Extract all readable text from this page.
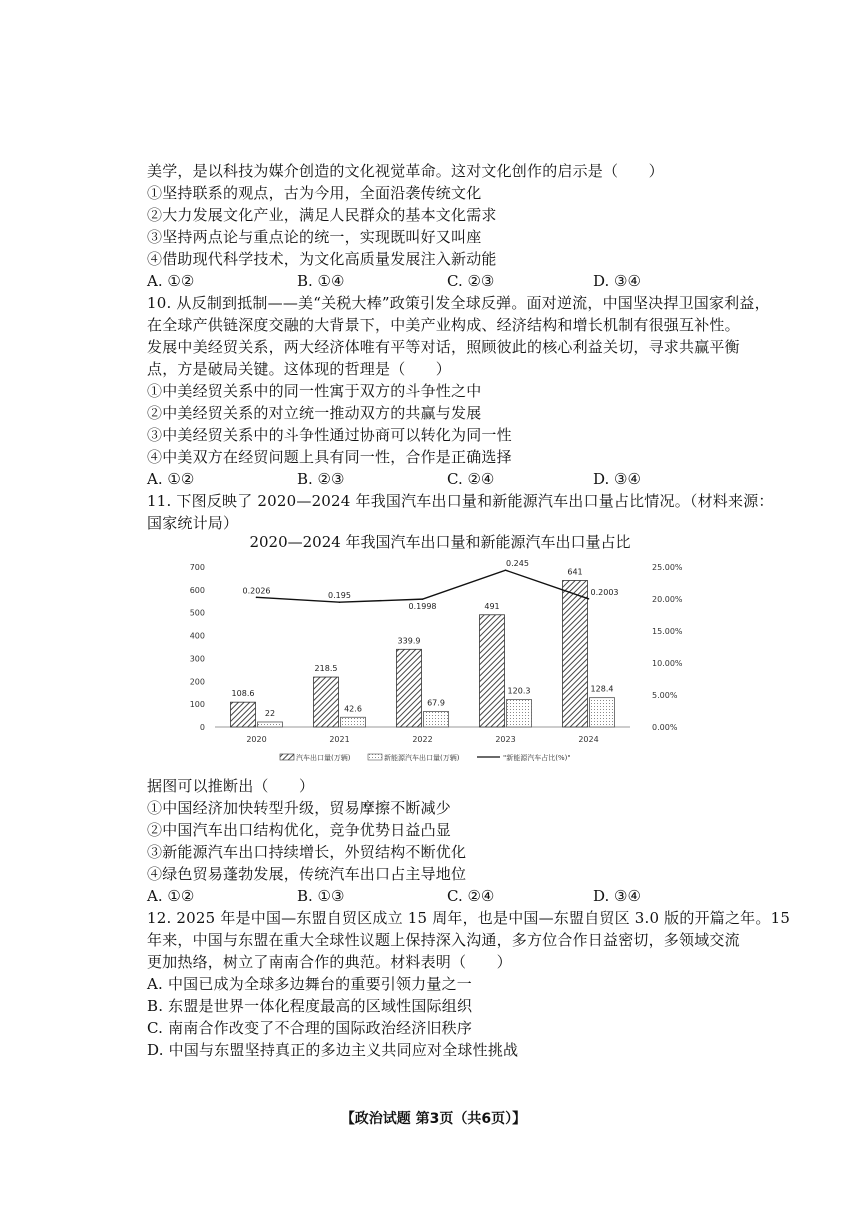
美学，是以科技为媒介创造的文化视觉革命。这对文化创作的启示是（　　）
①坚持联系的观点，古为今用，全面沿袭传统文化
②大力发展文化产业，满足人民群众的基本文化需求
③坚持两点论与重点论的统一，实现既叫好又叫座
④借助现代科学技术，为文化高质量发展注入新动能
A. ①②	B. ①④	C. ②③	D. ③④
10. 从反制到抵制——美“关税大棒”政策引发全球反弹。面对逆流，中国坚决捍卫国家利益，
在全球产供链深度交融的大背景下，中美产业构成、经济结构和增长机制有很强互补性。
发展中美经贸关系，两大经济体唯有平等对话，照顾彼此的核心利益关切，寻求共赢平衡
点，方是破局关键。这体现的哲理是（　　）
①中美经贸关系中的同一性寓于双方的斗争性之中
②中美经贸关系的对立统一推动双方的共赢与发展
③中美经贸关系中的斗争性通过协商可以转化为同一性
④中美双方在经贸问题上具有同一性，合作是正确选择
A. ①②	B. ②③	C. ②④	D. ③④
11. 下图反映了 2020—2024 年我国汽车出口量和新能源汽车出口量占比情况。（材料来源：
国家统计局）
2020—2024 年我国汽车出口量和新能源汽车出口量占比
0
100
200
300
400
500
600
700
0.00%
5.00%
10.00%
15.00%
20.00%
25.00%
2020	2021	2022	2023	2024
108.6
22
218.5
42.6
339.9
67.9
491
120.3
641
128.4
0.2026
0.195
0.1998
0.245
0.2003
汽车出口量(万辆)	新能源汽车出口量(万辆)	"新能源汽车占比(%)"
据图可以推断出（　　）
①中国经济加快转型升级，贸易摩擦不断减少
②中国汽车出口结构优化，竞争优势日益凸显
③新能源汽车出口持续增长，外贸结构不断优化
④绿色贸易蓬勃发展，传统汽车出口占主导地位
A. ①②	B. ①③	C. ②④	D. ③④
12. 2025 年是中国—东盟自贸区成立 15 周年，也是中国—东盟自贸区 3.0 版的开篇之年。15
年来，中国与东盟在重大全球性议题上保持深入沟通，多方位合作日益密切，多领域交流
更加热络，树立了南南合作的典范。材料表明（　　）
A. 中国已成为全球多边舞台的重要引领力量之一
B. 东盟是世界一体化程度最高的区域性国际组织
C. 南南合作改变了不合理的国际政治经济旧秩序
D. 中国与东盟坚持真正的多边主义共同应对全球性挑战
【政治试题 第3页（共6页）】
